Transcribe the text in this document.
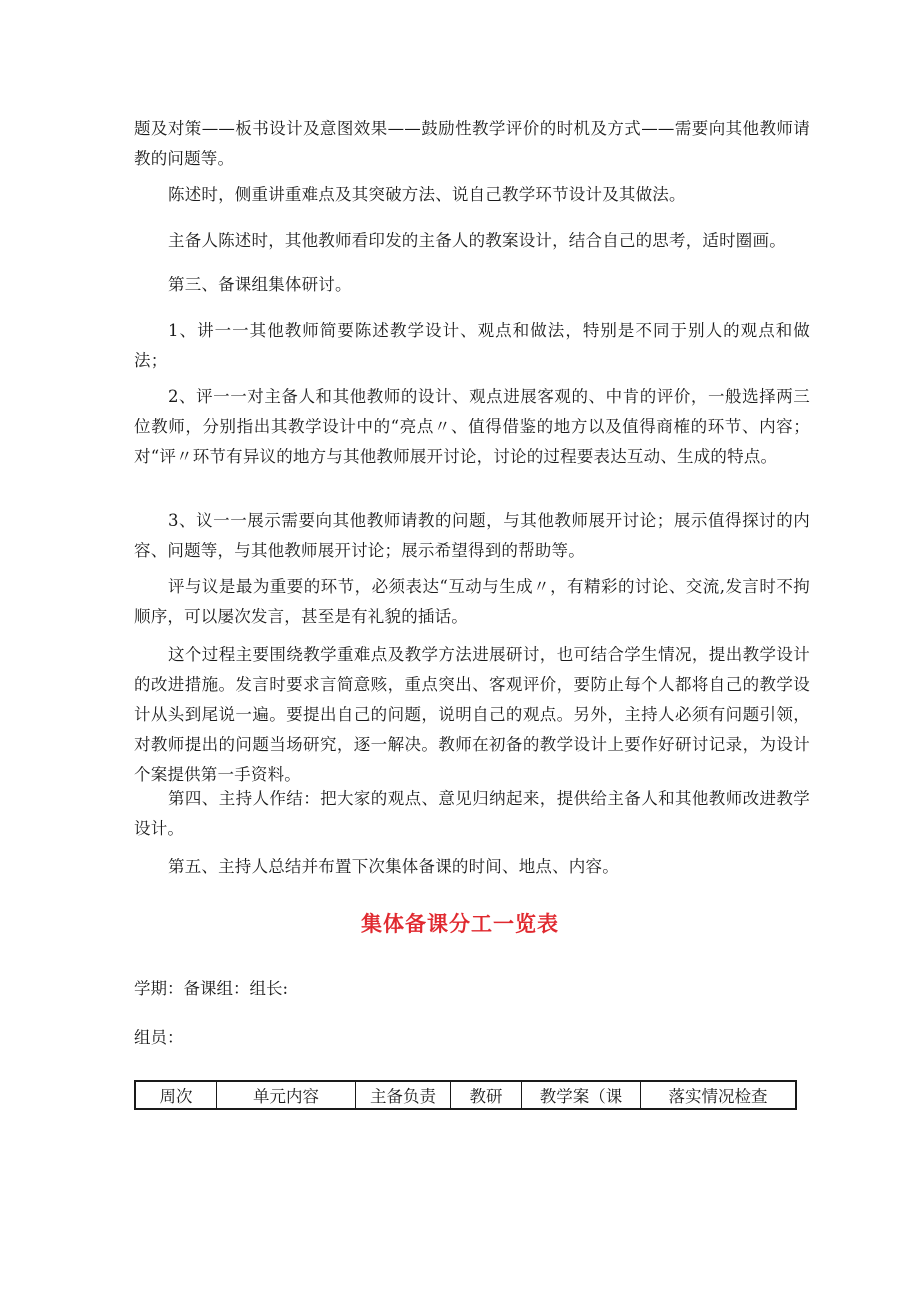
题及对策——板书设计及意图效果——鼓励性教学评价的时机及方式——需要向其他教师请教的问题等。

陈述时，侧重讲重难点及其突破方法、说自己教学环节设计及其做法。

主备人陈述时，其他教师看印发的主备人的教案设计，结合自己的思考，适时圈画。

第三、备课组集体研讨。

1、讲一一其他教师简要陈述教学设计、观点和做法，特别是不同于别人的观点和做法；

2、评一一对主备人和其他教师的设计、观点进展客观的、中肯的评价，一般选择两三位教师，分别指出其教学设计中的“亮点〃、值得借鉴的地方以及值得商榷的环节、内容；对“评〃环节有异议的地方与其他教师展开讨论，讨论的过程要表达互动、生成的特点。

3、议一一展示需要向其他教师请教的问题，与其他教师展开讨论；展示值得探讨的内容、问题等，与其他教师展开讨论；展示希望得到的帮助等。

评与议是最为重要的环节，必须表达“互动与生成〃，有精彩的讨论、交流,发言时不拘顺序，可以屡次发言，甚至是有礼貌的插话。

这个过程主要围绕教学重难点及教学方法进展研讨，也可结合学生情况，提出教学设计的改进措施。发言时要求言简意赅，重点突出、客观评价，要防止每个人都将自己的教学设计从头到尾说一遍。要提出自己的问题，说明自己的观点。另外，主持人必须有问题引领，对教师提出的问题当场研究，逐一解决。教师在初备的教学设计上要作好研讨记录，为设计个案提供第一手资料。

第四、主持人作结：把大家的观点、意见归纳起来，提供给主备人和其他教师改进教学设计。

第五、主持人总结并布置下次集体备课的时间、地点、内容。

集体备课分工一览表

学期：备课组：组长:

组员：

周次	单元内容	主备负责	教研	教学案（课	落实情况检查
